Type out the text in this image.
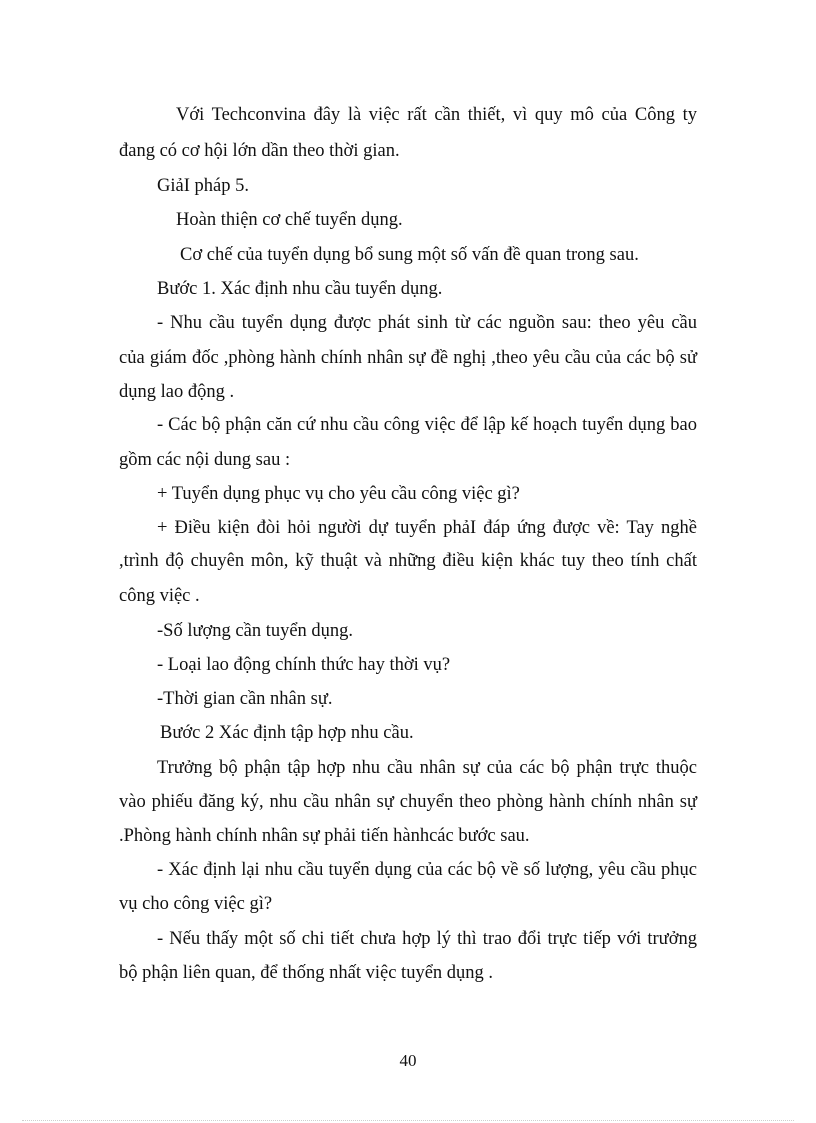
Với Techconvina đây là việc rất cần thiết, vì quy mô của Công ty

đang có cơ hội lớn dần theo thời gian.

GiảI pháp 5.

Hoàn thiện cơ chế tuyển dụng.

Cơ chế của tuyển dụng bổ sung một số vấn đề quan trong sau.

Bước 1. Xác định nhu cầu tuyển dụng.

- Nhu cầu tuyển dụng được phát sinh từ các nguồn sau: theo yêu cầu

của giám đốc ,phòng hành chính nhân sự đề nghị ,theo yêu cầu của các bộ sử

dụng lao động .

- Các bộ phận căn cứ nhu cầu công việc để lập kế hoạch tuyển dụng bao

gồm các nội dung sau :

+ Tuyển dụng phục vụ cho yêu cầu công việc gì?

+ Điều kiện đòi hỏi người dự tuyển phảI đáp ứng được về: Tay nghề

,trình độ chuyên môn, kỹ thuật và những điều kiện khác tuy theo tính chất

công việc .

-Số lượng cần tuyển dụng.

- Loại lao động chính thức hay thời vụ?

-Thời gian cần nhân sự.

Bước 2 Xác định tập hợp nhu cầu.

Trưởng bộ phận tập hợp nhu cầu nhân sự của các bộ phận trực thuộc

vào phiếu đăng ký, nhu cầu nhân sự chuyển theo phòng hành chính nhân sự

.Phòng hành chính nhân sự phải tiến hànhcác bước sau.

- Xác định lại nhu cầu tuyển dụng của các bộ về số lượng, yêu cầu phục

vụ cho công việc gì?

- Nếu thấy một số chi tiết chưa hợp lý thì trao đổi trực tiếp với trưởng

bộ phận liên quan, để thống nhất việc tuyển dụng .

40
